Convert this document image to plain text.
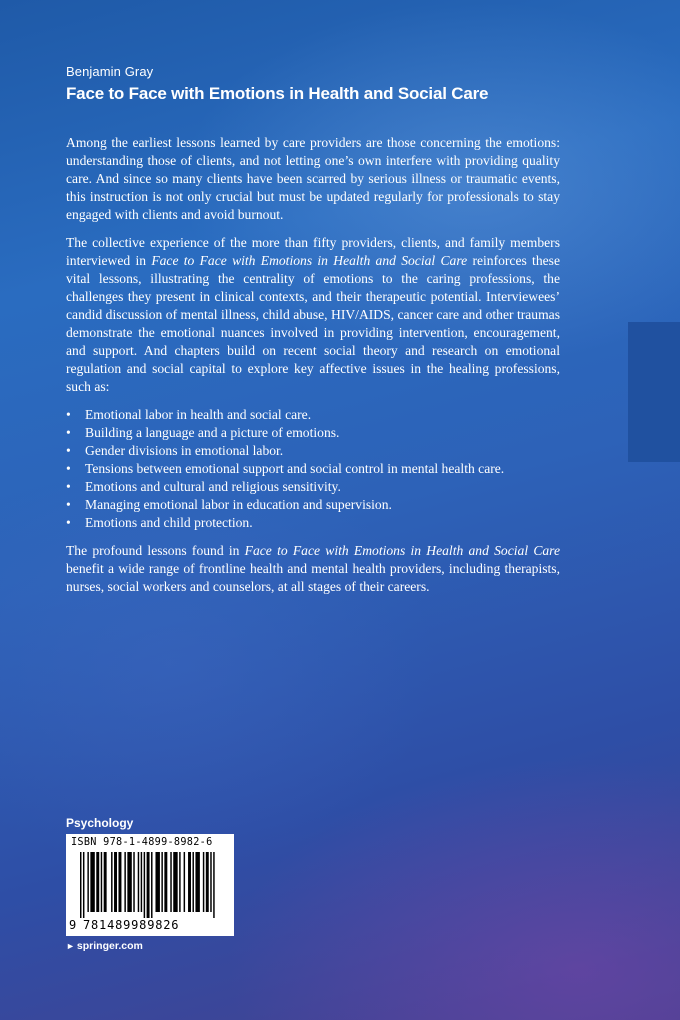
Benjamin Gray
Face to Face with Emotions in Health and Social Care

Among the earliest lessons learned by care providers are those concerning the emotions: understanding those of clients, and not letting one’s own interfere with providing quality care. And since so many clients have been scarred by serious illness or traumatic events, this instruction is not only crucial but must be updated regularly for professionals to stay engaged with clients and avoid burnout.

The collective experience of the more than fifty providers, clients, and family members interviewed in Face to Face with Emotions in Health and Social Care reinforces these vital lessons, illustrating the centrality of emotions to the caring professions, the challenges they present in clinical contexts, and their therapeutic potential. Interviewees’ candid discussion of mental illness, child abuse, HIV/AIDS, cancer care and other traumas demonstrate the emotional nuances involved in providing intervention, encouragement, and support. And chapters build on recent social theory and research on emotional regulation and social capital to explore key affective issues in the healing professions, such as:

• Emotional labor in health and social care.
• Building a language and a picture of emotions.
• Gender divisions in emotional labor.
• Tensions between emotional support and social control in mental health care.
• Emotions and cultural and religious sensitivity.
• Managing emotional labor in education and supervision.
• Emotions and child protection.

The profound lessons found in Face to Face with Emotions in Health and Social Care benefit a wide range of frontline health and mental health providers, including therapists, nurses, social workers and counselors, at all stages of their careers.

Psychology
ISBN 978-1-4899-8982-6
9 781489989826
► springer.com
